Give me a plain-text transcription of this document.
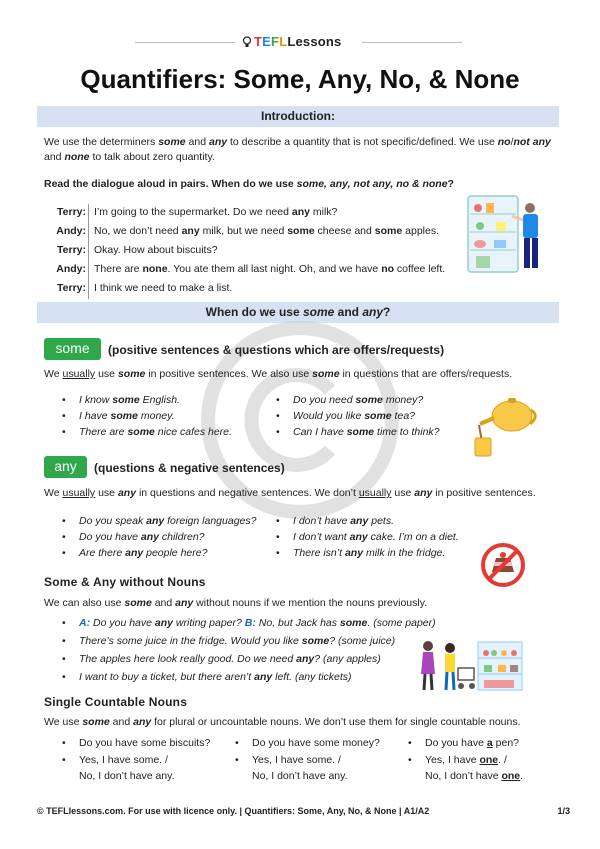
TEFLLessons
Quantifiers: Some, Any, No, & None
Introduction:
We use the determiners some and any to describe a quantity that is not specific/defined. We use no/not any
and none to talk about zero quantity.
Read the dialogue aloud in pairs. When do we use some, any, not any, no & none?
Terry: I’m going to the supermarket. Do we need any milk?
Andy: No, we don’t need any milk, but we need some cheese and some apples.
Terry: Okay. How about biscuits?
Andy: There are none. You ate them all last night. Oh, and we have no coffee left.
Terry: I think we need to make a list.
When do we use some and any?
some	(positive sentences & questions which are offers/requests)
We usually use some in positive sentences. We also use some in questions that are offers/requests.
• I know some English.
• I have some money.
• There are some nice cafes here.
• Do you need some money?
• Would you like some tea?
• Can I have some time to think?
any	(questions & negative sentences)
We usually use any in questions and negative sentences. We don’t usually use any in positive sentences.
• Do you speak any foreign languages?
• Do you have any children?
• Are there any people here?
• I don’t have any pets.
• I don’t want any cake. I’m on a diet.
• There isn’t any milk in the fridge.
Some & Any without Nouns
We can also use some and any without nouns if we mention the nouns previously.
• A: Do you have any writing paper? B: No, but Jack has some. (some paper)
• There’s some juice in the fridge. Would you like some? (some juice)
• The apples here look really good. Do we need any? (any apples)
• I want to buy a ticket, but there aren’t any left. (any tickets)
Single Countable Nouns
We use some and any for plural or uncountable nouns. We don’t use them for single countable nouns.
• Do you have some biscuits?
• Yes, I have some. /
No, I don’t have any.
• Do you have some money?
• Yes, I have some. /
No, I don’t have any.
• Do you have a pen?
• Yes, I have one. /
No, I don’t have one.
© TEFLlessons.com. For use with licence only. | Quantifiers: Some, Any, No, & None | A1/A2	1/3
